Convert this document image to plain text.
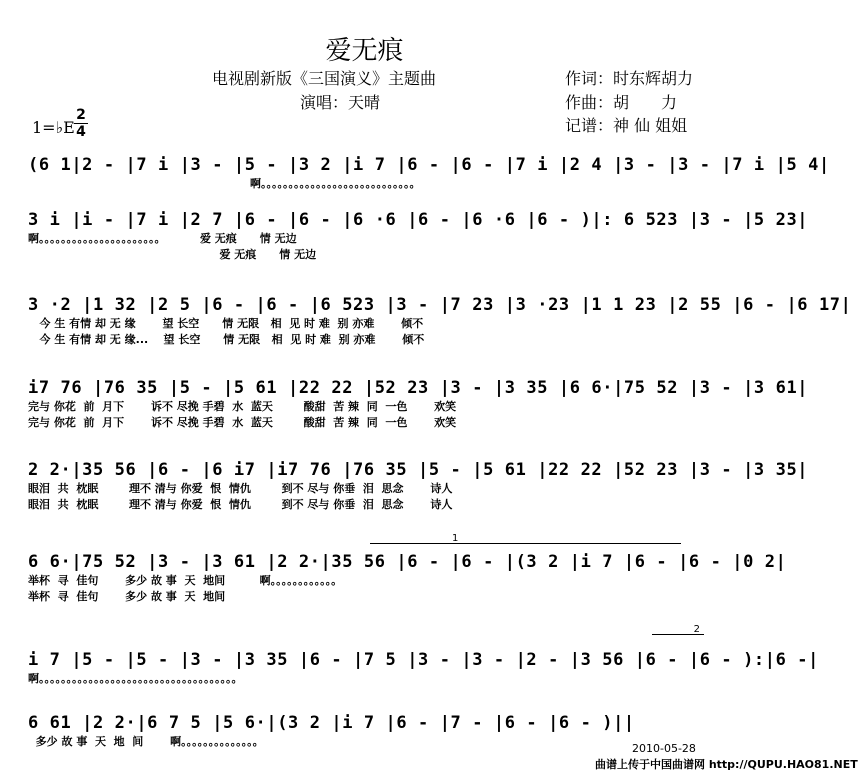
爱无痕
电视剧新版《三国演义》主题曲
演唱：天晴
作词：时东辉胡力
作曲：胡　　力
记谱：神 仙 姐姐
1=♭E
2
4
(6 1|2 - |7 i |3 - |5 - |3 2 |i 7 |6 - |6 - |7 i |2 4 |3 - |3 - |7 i |5 4|
啊。。。。。。。。。。。。。。。。。。。。。。。。。。。。
3 i |i - |7 i |2 7 |6 - |6 - |6 ·6 |6 - |6 ·6 |6 - )|: 6 523 |3 - |5 23|
啊。。。。。。。。。。。。。。。。。。。。。。         爱 无痕      情 无边
爱 无痕      情 无边
3 ·2 |1 32 |2 5 |6 - |6 - |6 523 |3 - |7 23 |3 ·23 |1 1 23 |2 55 |6 - |6 17|
今 生 有情 却 无 缘       望 长空      情 无限   相  见 时 难  别 亦难       倾不
今 生 有情 却 无 缘...    望 长空      情 无限   相  见 时 难  别 亦难       倾不
i7 76 |76 35 |5 - |5 61 |22 22 |52 23 |3 - |3 35 |6 6·|75 52 |3 - |3 61|
完与 你花  前  月下       诉不 尽挽 手碧  水  蓝天        酸甜  苦 辣  同  一色       欢笑
完与 你花  前  月下       诉不 尽挽 手碧  水  蓝天        酸甜  苦 辣  同  一色       欢笑
2 2·|35 56 |6 - |6 i7 |i7 76 |76 35 |5 - |5 61 |22 22 |52 23 |3 - |3 35|
眼泪  共  枕眠        理不 清与 你爱  恨  情仇        到不 尽与 你垂  泪  思念       诗人
眼泪  共  枕眠        理不 清与 你爱  恨  情仇        到不 尽与 你垂  泪  思念       诗人
1
6 6·|75 52 |3 - |3 61 |2 2·|35 56 |6 - |6 - |(3 2 |i 7 |6 - |6 - |0 2|
举杯  寻  佳句       多少 故 事  天  地间         啊。。。。。。。。。。。。
举杯  寻  佳句       多少 故 事  天  地间
2
i 7 |5 - |5 - |3 - |3 35 |6 - |7 5 |3 - |3 - |2 - |3 56 |6 - |6 - ):|6 -|
啊。。。。。。。。。。。。。。。。。。。。。。。。。。。。。。。。。。。。
6 61 |2 2·|6 7 5 |5 6·|(3 2 |i 7 |6 - |7 - |6 - |6 - )||
多少 故 事  天  地  间       啊。。。。。。。。。。。。。。
2010-05-28
曲谱上传于中国曲谱网 http://QUPU.HAO81.NET
